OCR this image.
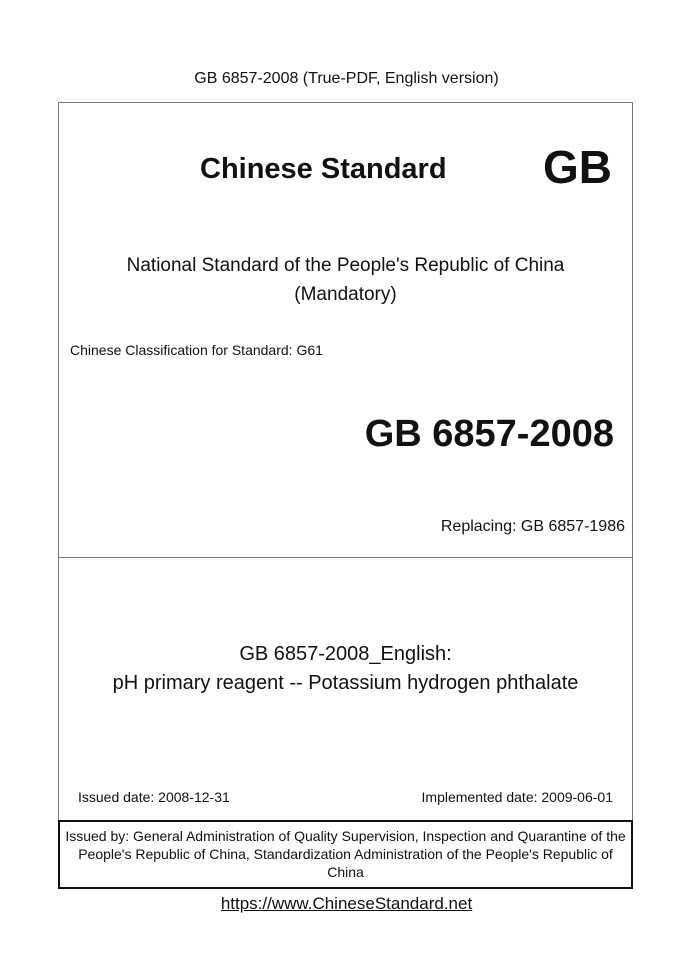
GB 6857-2008 (True-PDF, English version)
Chinese Standard GB
National Standard of the People's Republic of China
(Mandatory)
Chinese Classification for Standard: G61
GB 6857-2008
Replacing: GB 6857-1986
GB 6857-2008_English:
pH primary reagent -- Potassium hydrogen phthalate
Issued date: 2008-12-31	Implemented date: 2009-06-01
Issued by: General Administration of Quality Supervision, Inspection and Quarantine of the People's Republic of China, Standardization Administration of the People's Republic of China
https://www.ChineseStandard.net
